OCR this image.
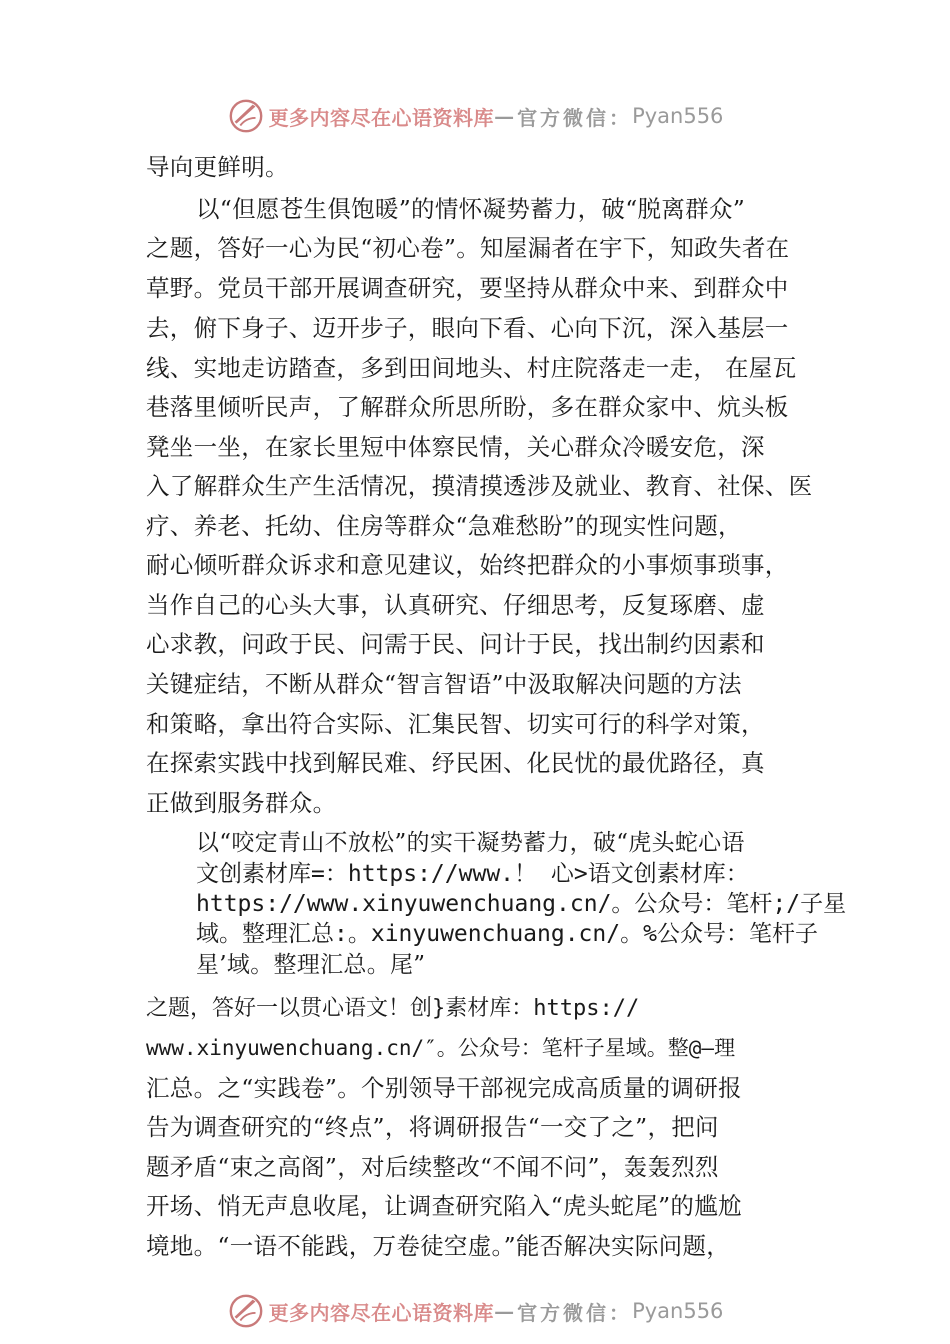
更多内容尽在心语资料库 — 官方微信： Pyan556
导向更鲜明。
以“但愿苍生俱饱暖”的情怀凝势蓄力，破“脱离群众”
之题，答好一心为民“初心卷”。知屋漏者在宇下，知政失者在
草野。党员干部开展调查研究，要坚持从群众中来、到群众中
去，俯下身子、迈开步子，眼向下看、心向下沉，深入基层一
线、实地走访踏查，多到田间地头、村庄院落走一走， 在屋瓦
巷落里倾听民声，了解群众所思所盼，多在群众家中、炕头板
凳坐一坐，在家长里短中体察民情，关心群众冷暖安危，深
入了解群众生产生活情况，摸清摸透涉及就业、教育、社保、医
疗、养老、托幼、住房等群众“急难愁盼”的现实性问题，
耐心倾听群众诉求和意见建议，始终把群众的小事烦事琐事，
当作自己的心头大事，认真研究、仔细思考，反复琢磨、虚
心求教，问政于民、问需于民、问计于民，找出制约因素和
关键症结，不断从群众“智言智语”中汲取解决问题的方法
和策略，拿出符合实际、汇集民智、切实可行的科学对策，
在探索实践中找到解民难、纾民困、化民忧的最优路径，真
正做到服务群众。
以“咬定青山不放松”的实干凝势蓄力，破“虎头蛇心语
文创素材库=：https://www.！ 心>语文创素材库：
https://www.xinyuwenchuang.cn/。公众号：笔杆;/子星
域。整理汇总:。xinyuwenchuang.cn/。%公众号：笔杆子
星’域。整理汇总。尾”
之题，答好一以贯心语文！创}素材库：https://
www.xinyuwenchuang.cn/″。公众号：笔杆子星域。整@—理
汇总。之“实践卷”。个别领导干部视完成高质量的调研报
告为调查研究的“终点”，将调研报告“一交了之”，把问
题矛盾“束之高阁”，对后续整改“不闻不问”，轰轰烈烈
开场、悄无声息收尾，让调查研究陷入“虎头蛇尾”的尴尬
境地。“一语不能践，万卷徒空虚。”能否解决实际问题，
更多内容尽在心语资料库 — 官方微信： Pyan556
